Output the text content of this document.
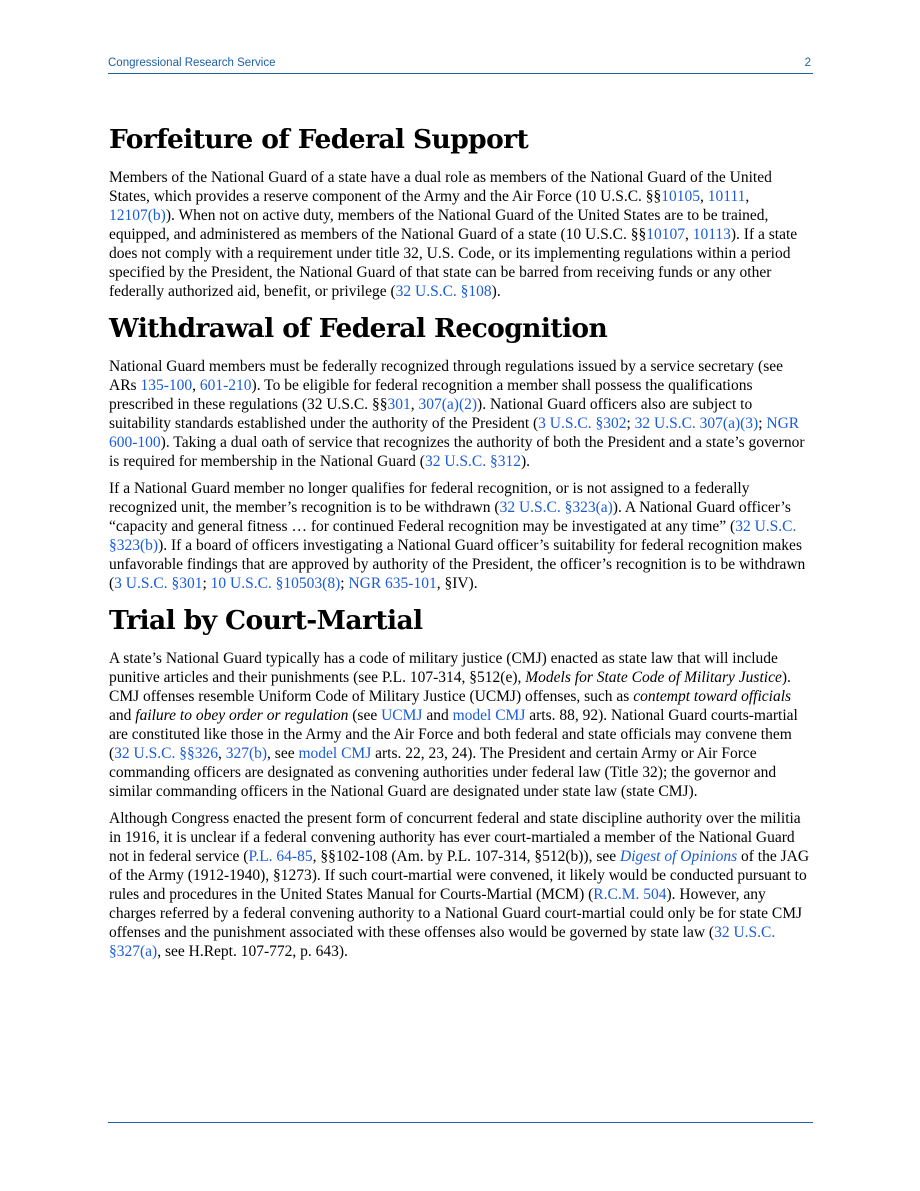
Congressional Research Service	2
Forfeiture of Federal Support

Members of the National Guard of a state have a dual role as members of the National Guard of the United States, which provides a reserve component of the Army and the Air Force (10 U.S.C. §§10105, 10111, 12107(b)). When not on active duty, members of the National Guard of the United States are to be trained, equipped, and administered as members of the National Guard of a state (10 U.S.C. §§10107, 10113). If a state does not comply with a requirement under title 32, U.S. Code, or its implementing regulations within a period specified by the President, the National Guard of that state can be barred from receiving funds or any other federally authorized aid, benefit, or privilege (32 U.S.C. §108).

Withdrawal of Federal Recognition

National Guard members must be federally recognized through regulations issued by a service secretary (see ARs 135-100, 601-210). To be eligible for federal recognition a member shall possess the qualifications prescribed in these regulations (32 U.S.C. §§301, 307(a)(2)). National Guard officers also are subject to suitability standards established under the authority of the President (3 U.S.C. §302; 32 U.S.C. 307(a)(3); NGR 600-100). Taking a dual oath of service that recognizes the authority of both the President and a state’s governor is required for membership in the National Guard (32 U.S.C. §312).

If a National Guard member no longer qualifies for federal recognition, or is not assigned to a federally recognized unit, the member’s recognition is to be withdrawn (32 U.S.C. §323(a)). A National Guard officer’s “capacity and general fitness … for continued Federal recognition may be investigated at any time” (32 U.S.C. §323(b)). If a board of officers investigating a National Guard officer’s suitability for federal recognition makes unfavorable findings that are approved by authority of the President, the officer’s recognition is to be withdrawn (3 U.S.C. §301; 10 U.S.C. §10503(8); NGR 635-101, §IV).

Trial by Court-Martial

A state’s National Guard typically has a code of military justice (CMJ) enacted as state law that will include punitive articles and their punishments (see P.L. 107-314, §512(e), Models for State Code of Military Justice). CMJ offenses resemble Uniform Code of Military Justice (UCMJ) offenses, such as contempt toward officials and failure to obey order or regulation (see UCMJ and model CMJ arts. 88, 92). National Guard courts-martial are constituted like those in the Army and the Air Force and both federal and state officials may convene them (32 U.S.C. §§326, 327(b), see model CMJ arts. 22, 23, 24). The President and certain Army or Air Force commanding officers are designated as convening authorities under federal law (Title 32); the governor and similar commanding officers in the National Guard are designated under state law (state CMJ).

Although Congress enacted the present form of concurrent federal and state discipline authority over the militia in 1916, it is unclear if a federal convening authority has ever court-martialed a member of the National Guard not in federal service (P.L. 64-85, §§102-108 (Am. by P.L. 107-314, §512(b)), see Digest of Opinions of the JAG of the Army (1912-1940), §1273). If such court-martial were convened, it likely would be conducted pursuant to rules and procedures in the United States Manual for Courts-Martial (MCM) (R.C.M. 504). However, any charges referred by a federal convening authority to a National Guard court-martial could only be for state CMJ offenses and the punishment associated with these offenses also would be governed by state law (32 U.S.C. §327(a), see H.Rept. 107-772, p. 643).
